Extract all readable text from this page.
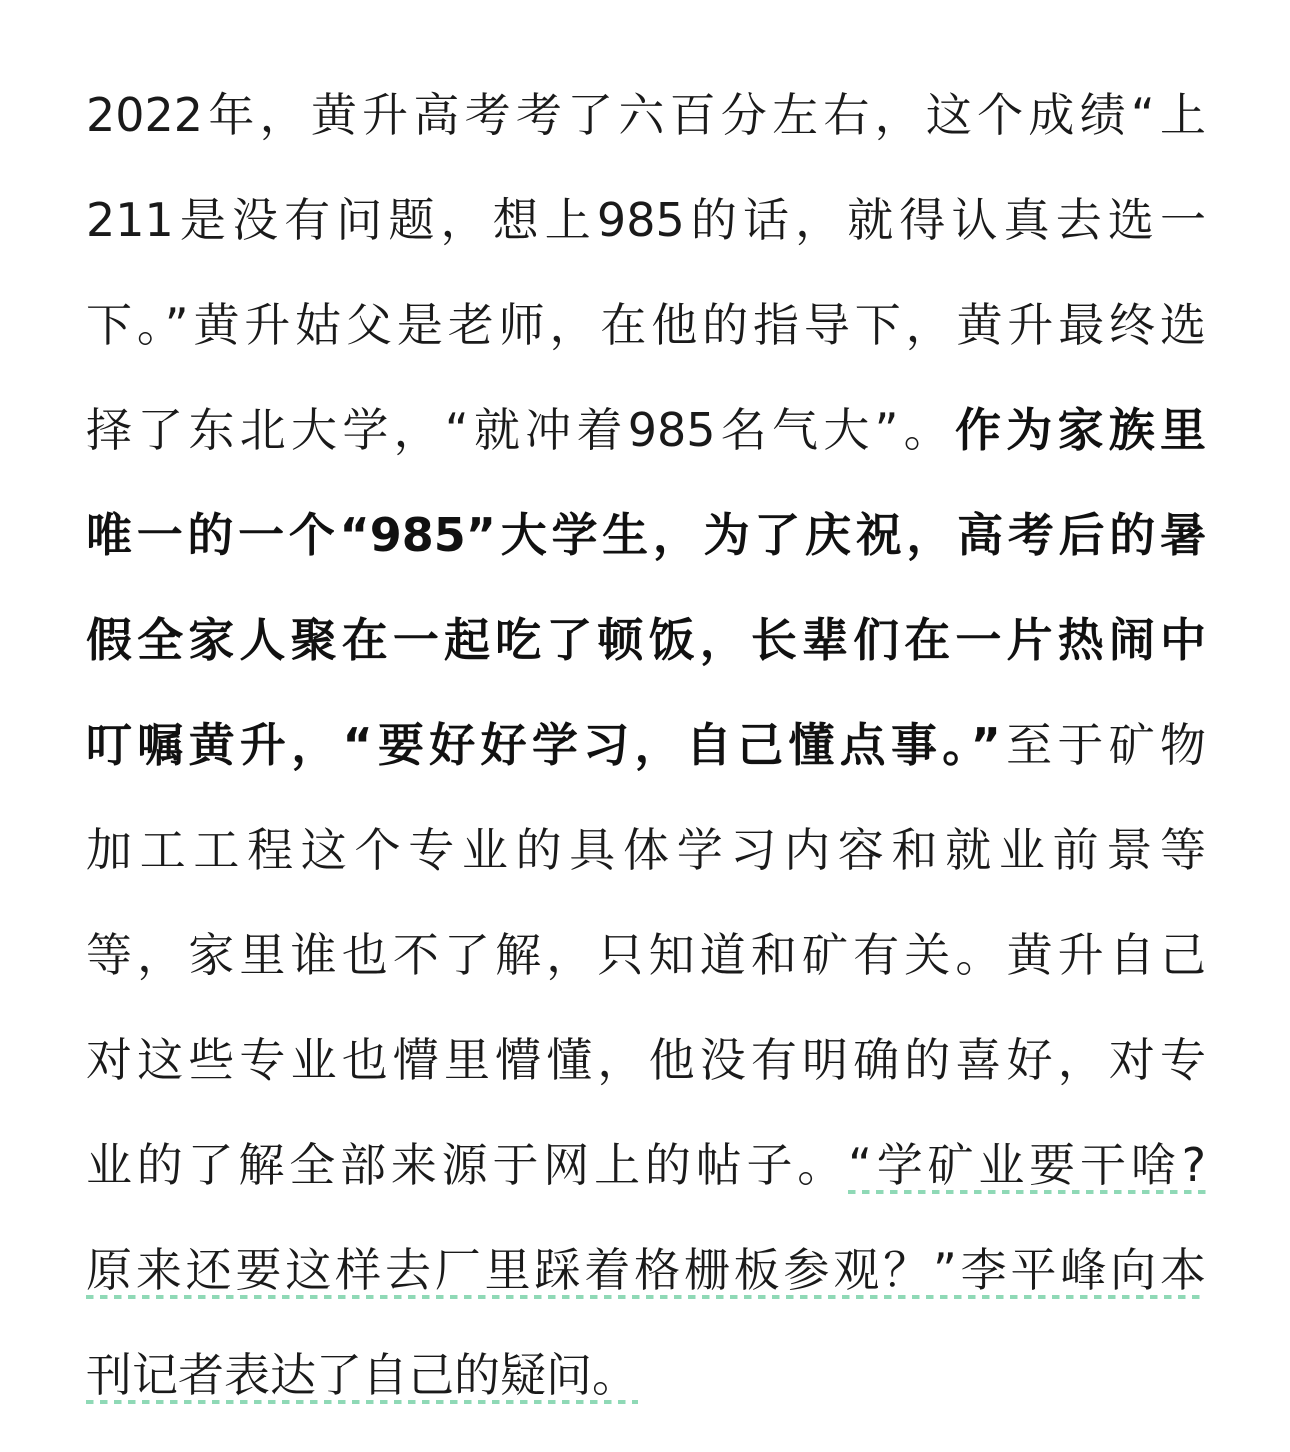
2022年，黄升高考考了六百分左右，这个成绩“上
211是没有问题，想上985的话，就得认真去选一
下。”黄升姑父是老师，在他的指导下，黄升最终选
择了东北大学，“就冲着985名气大”。作为家族里
唯一的一个“985”大学生，为了庆祝，高考后的暑
假全家人聚在一起吃了顿饭，长辈们在一片热闹中
叮嘱黄升，“要好好学习，自己懂点事。”至于矿物
加工工程这个专业的具体学习内容和就业前景等
等，家里谁也不了解，只知道和矿有关。黄升自己
对这些专业也懵里懵懂，他没有明确的喜好，对专
业的了解全部来源于网上的帖子。“学矿业要干啥?
原来还要这样去厂里踩着格栅板参观？”李平峰向本
刊记者表达了自己的疑问。
